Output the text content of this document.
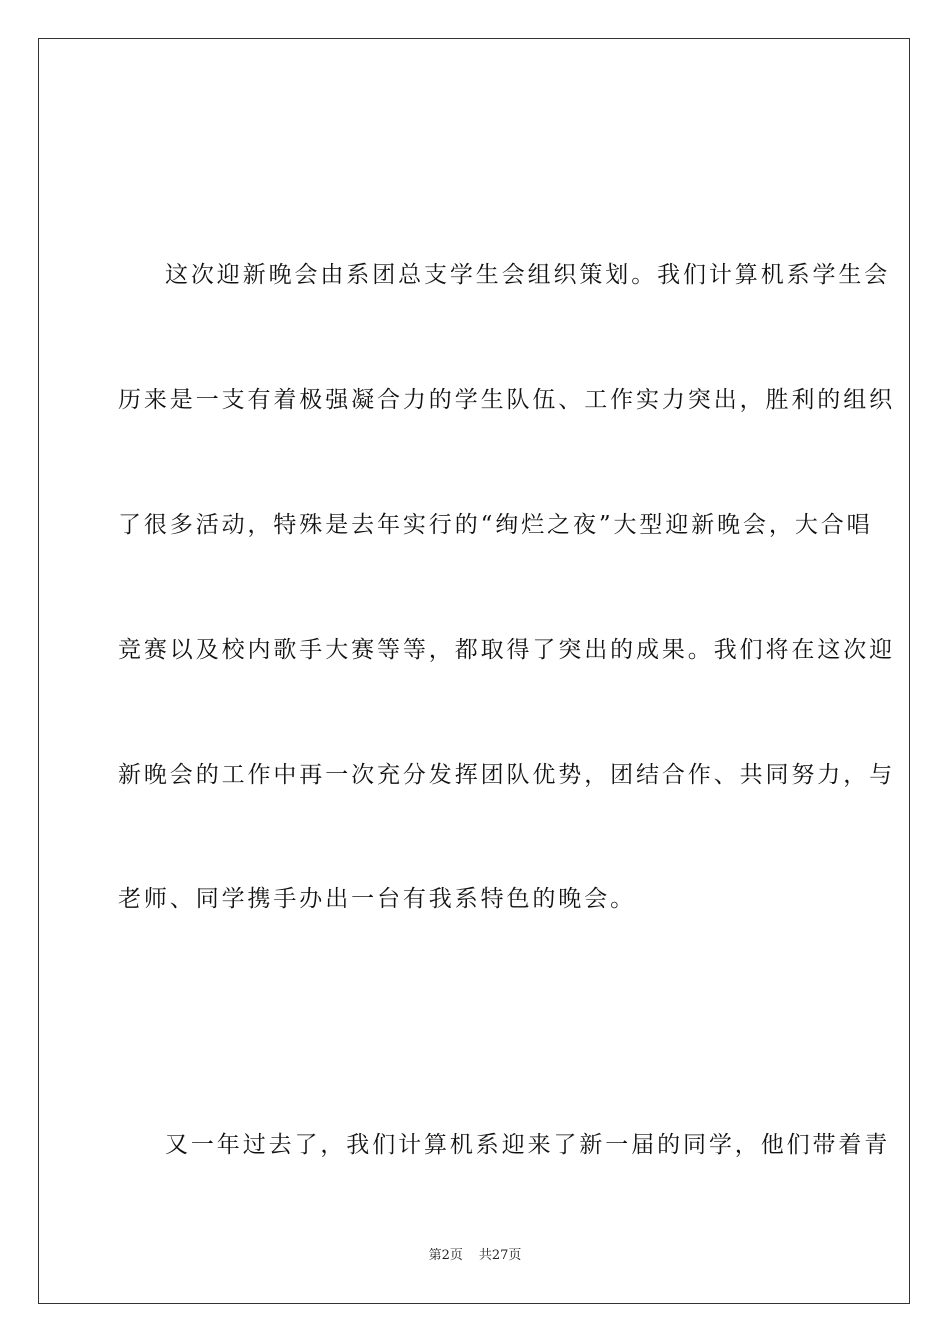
这次迎新晚会由系团总支学生会组织策划。我们计算机系学生会
历来是一支有着极强凝合力的学生队伍、工作实力突出，胜利的组织
了很多活动，特殊是去年实行的“绚烂之夜”大型迎新晚会，大合唱
竞赛以及校内歌手大赛等等，都取得了突出的成果。我们将在这次迎
新晚会的工作中再一次充分发挥团队优势，团结合作、共同努力，与
老师、同学携手办出一台有我系特色的晚会。
又一年过去了，我们计算机系迎来了新一届的同学，他们带着青
第2页 共27页
